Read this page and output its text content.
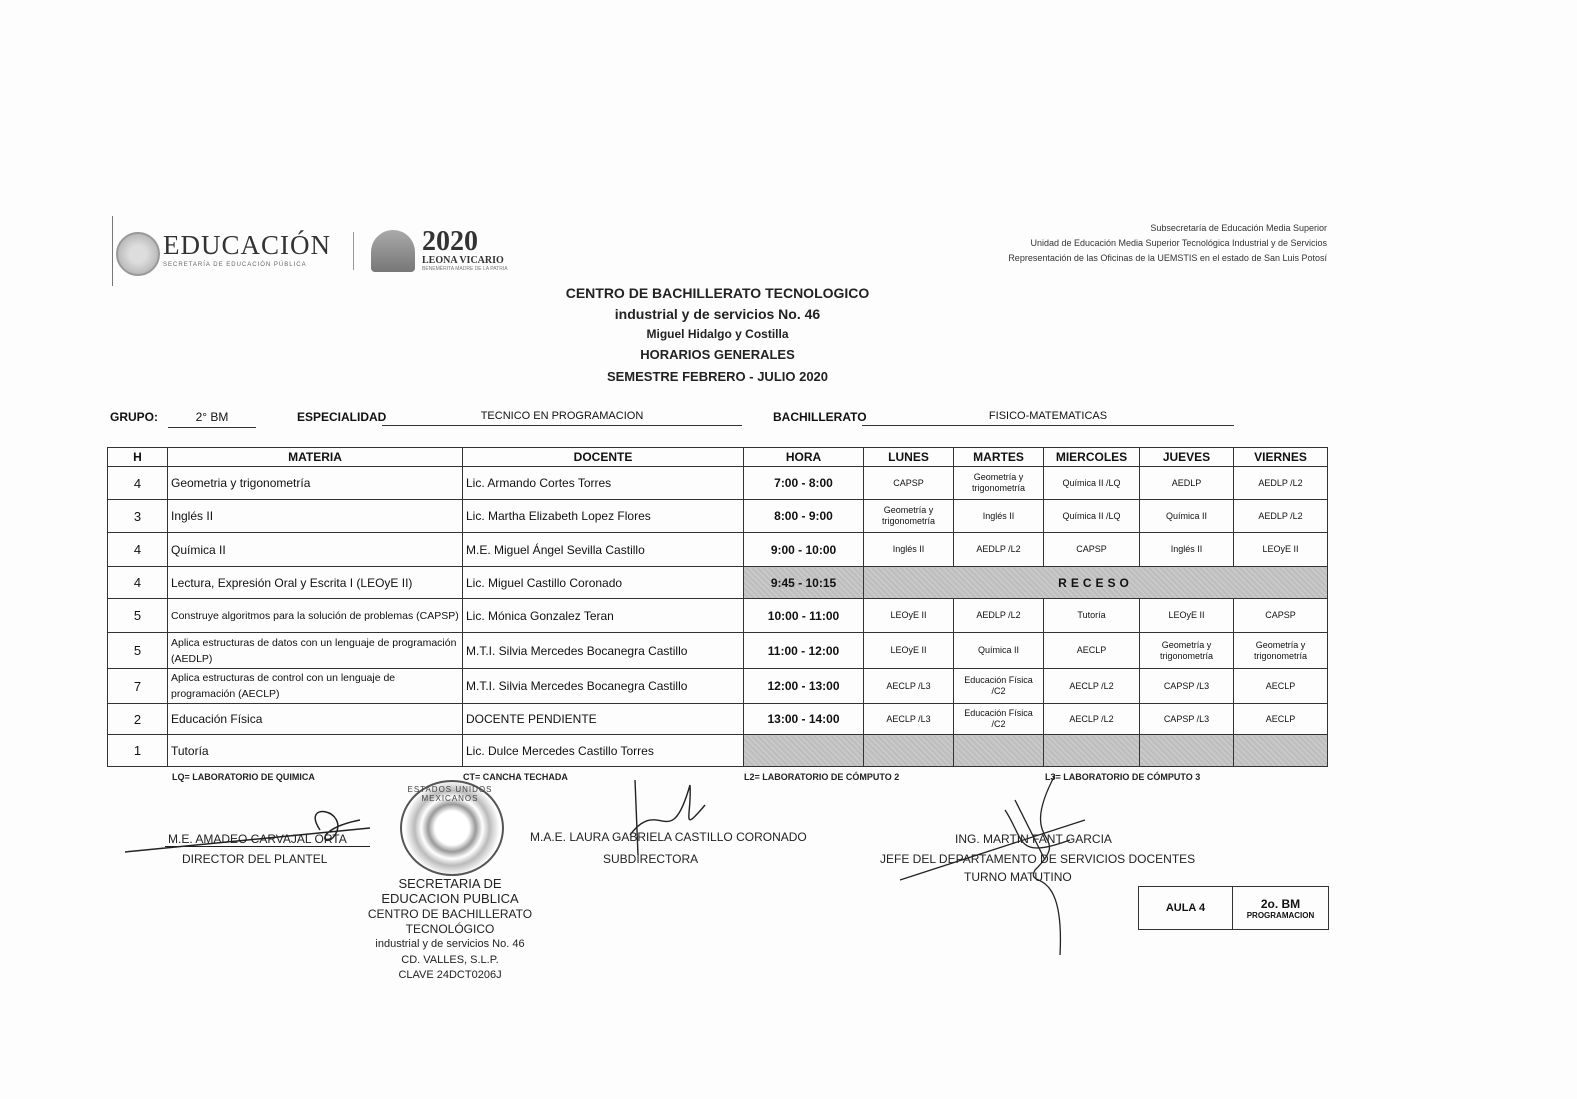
EDUCACIÓN
SECRETARÍA DE EDUCACIÓN PÚBLICA
2020
LEONA VICARIO
BENEMÉRITA MADRE DE LA PATRIA
Subsecretaría de Educación Media Superior
Unidad de Educación Media Superior Tecnológica Industrial y de Servicios
Representación de las Oficinas de la UEMSTIS en el estado de San Luis Potosí
CENTRO DE BACHILLERATO TECNOLOGICO
industrial y de servicios No. 46
Miguel Hidalgo y Costilla
HORARIOS GENERALES
SEMESTRE FEBRERO - JULIO 2020
GRUPO:	2° BM	ESPECIALIDAD	TECNICO EN PROGRAMACION	BACHILLERATO	FISICO-MATEMATICAS
H	MATERIA	DOCENTE	HORA	LUNES	MARTES	MIERCOLES	JUEVES	VIERNES
4	Geometria y trigonometría	Lic. Armando Cortes Torres	7:00 - 8:00	CAPSP	Geometría y trigonometría	Química II /LQ	AEDLP	AEDLP /L2
3	Inglés II	Lic. Martha Elizabeth Lopez Flores	8:00 - 9:00	Geometría y trigonometría	Inglés II	Química II /LQ	Química II	AEDLP /L2
4	Química II	M.E. Miguel Ángel Sevilla Castillo	9:00 - 10:00	Inglés II	AEDLP /L2	CAPSP	Inglés II	LEOyE II
4	Lectura, Expresión Oral y Escrita I (LEOyE II)	Lic. Miguel Castillo Coronado	9:45 - 10:15	RECESO				
5	Construye algoritmos para la solución de problemas (CAPSP)	Lic. Mónica Gonzalez Teran	10:00 - 11:00	LEOyE II	AEDLP /L2	Tutoría	LEOyE II	CAPSP
5	Aplica estructuras de datos con un lenguaje de programación (AEDLP)	M.T.I. Silvia Mercedes Bocanegra Castillo	11:00 - 12:00	LEOyE II	Química II	AECLP	Geometría y trigonometría	Geometría y trigonometría
7	Aplica estructuras de control con un lenguaje de programación (AECLP)	M.T.I. Silvia Mercedes Bocanegra Castillo	12:00 - 13:00	AECLP /L3	Educación Física /C2	AECLP /L2	CAPSP /L3	AECLP
2	Educación Física	DOCENTE PENDIENTE	13:00 - 14:00	AECLP /L3	Educación Física /C2	AECLP /L2	CAPSP /L3	AECLP
1	Tutoría	Lic. Dulce Mercedes Castillo Torres						
LQ= LABORATORIO DE QUIMICA	CT= CANCHA TECHADA	L2= LABORATORIO DE CÓMPUTO 2	L3= LABORATORIO DE CÓMPUTO 3
M.E. AMADEO CARVAJAL ORTA
DIRECTOR DEL PLANTEL
M.A.E. LAURA GABRIELA CASTILLO CORONADO
SUBDIRECTORA
ING. MARTIN FANT GARCIA
JEFE DEL DEPARTAMENTO DE SERVICIOS DOCENTES
TURNO MATUTINO
ESTADOS UNIDOS MEXICANOS
SECRETARIA DE
EDUCACION PUBLICA
CENTRO DE BACHILLERATO
TECNOLÓGICO
industrial y de servicios No. 46
CD. VALLES, S.L.P.
CLAVE 24DCT0206J
AULA 4	2o. BM
PROGRAMACION
